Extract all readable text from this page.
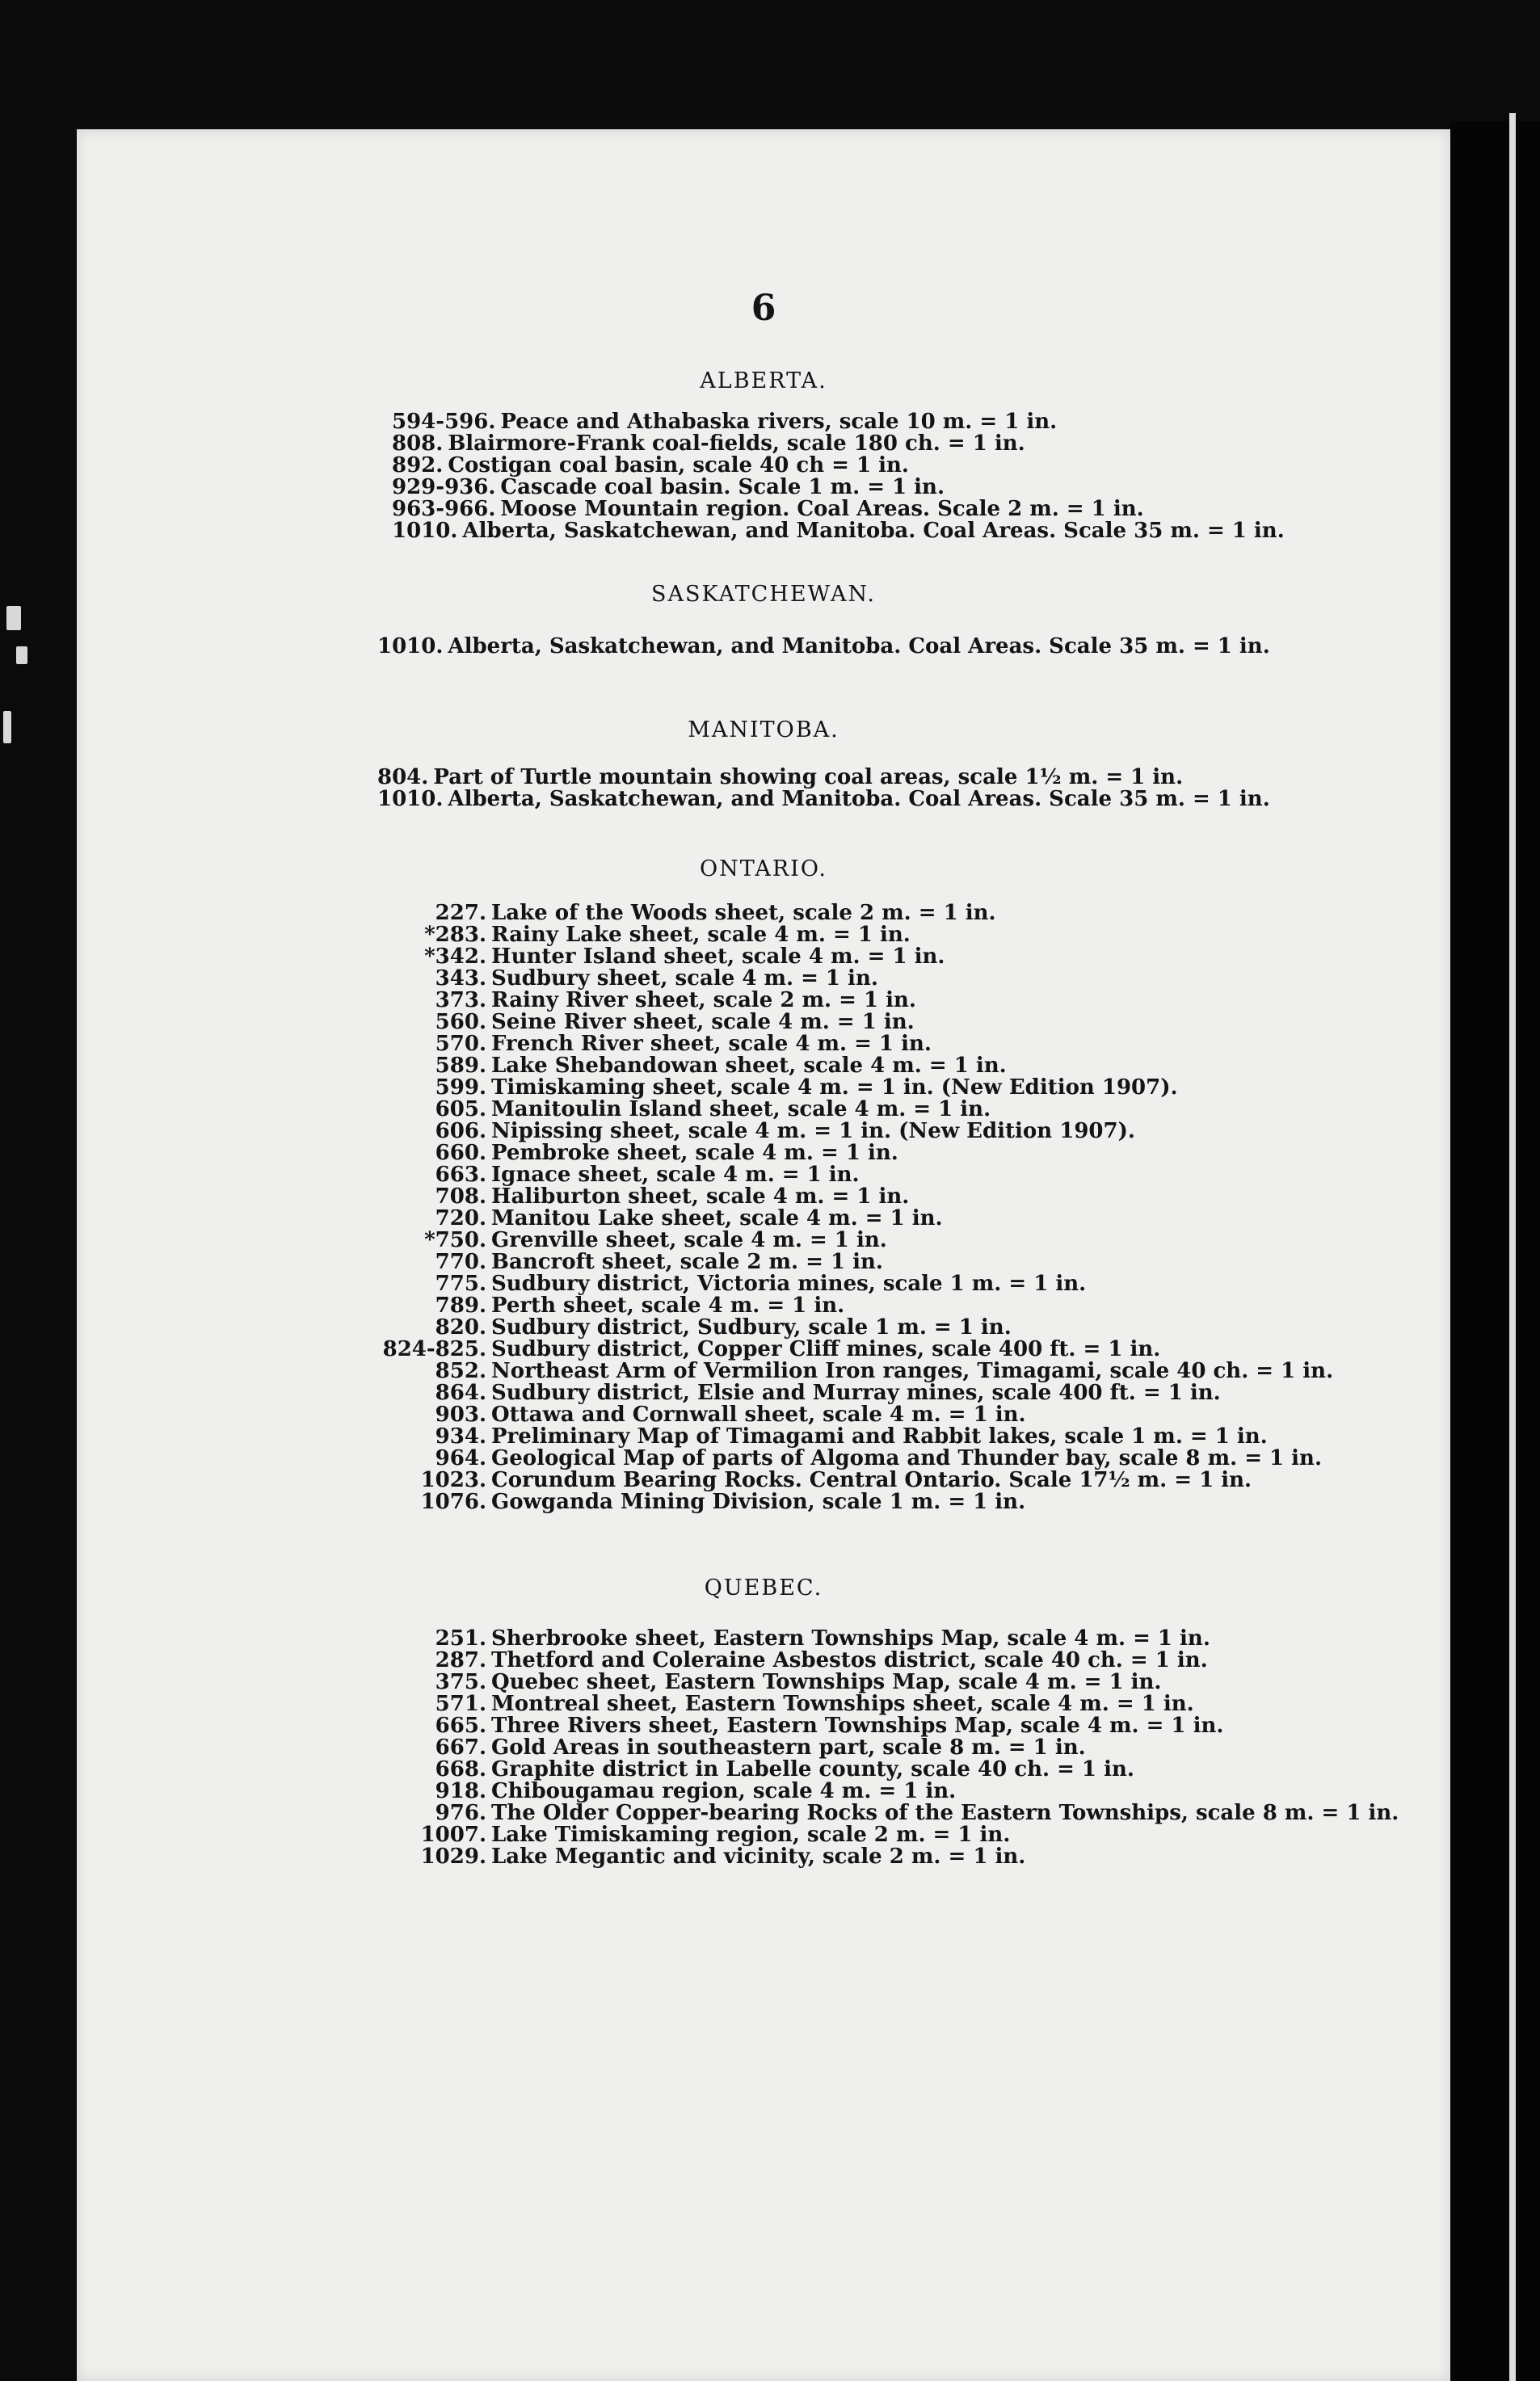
6
ALBERTA.
594-596. Peace and Athabaska rivers, scale 10 m. = 1 in.
808. Blairmore-Frank coal-fields, scale 180 ch. = 1 in.
892. Costigan coal basin, scale 40 ch = 1 in.
929-936. Cascade coal basin. Scale 1 m. = 1 in.
963-966. Moose Mountain region. Coal Areas. Scale 2 m. = 1 in.
1010. Alberta, Saskatchewan, and Manitoba. Coal Areas. Scale 35 m. = 1 in.
SASKATCHEWAN.
1010. Alberta, Saskatchewan, and Manitoba. Coal Areas. Scale 35 m. = 1 in.
MANITOBA.
804. Part of Turtle mountain showing coal areas, scale 1½ m. = 1 in.
1010. Alberta, Saskatchewan, and Manitoba. Coal Areas. Scale 35 m. = 1 in.
ONTARIO.
227. Lake of the Woods sheet, scale 2 m. = 1 in.
*283. Rainy Lake sheet, scale 4 m. = 1 in.
*342. Hunter Island sheet, scale 4 m. = 1 in.
343. Sudbury sheet, scale 4 m. = 1 in.
373. Rainy River sheet, scale 2 m. = 1 in.
560. Seine River sheet, scale 4 m. = 1 in.
570. French River sheet, scale 4 m. = 1 in.
589. Lake Shebandowan sheet, scale 4 m. = 1 in.
599. Timiskaming sheet, scale 4 m. = 1 in. (New Edition 1907).
605. Manitoulin Island sheet, scale 4 m. = 1 in.
606. Nipissing sheet, scale 4 m. = 1 in. (New Edition 1907).
660. Pembroke sheet, scale 4 m. = 1 in.
663. Ignace sheet, scale 4 m. = 1 in.
708. Haliburton sheet, scale 4 m. = 1 in.
720. Manitou Lake sheet, scale 4 m. = 1 in.
*750. Grenville sheet, scale 4 m. = 1 in.
770. Bancroft sheet, scale 2 m. = 1 in.
775. Sudbury district, Victoria mines, scale 1 m. = 1 in.
789. Perth sheet, scale 4 m. = 1 in.
820. Sudbury district, Sudbury, scale 1 m. = 1 in.
824-825. Sudbury district, Copper Cliff mines, scale 400 ft. = 1 in.
852. Northeast Arm of Vermilion Iron ranges, Timagami, scale 40 ch. = 1 in.
864. Sudbury district, Elsie and Murray mines, scale 400 ft. = 1 in.
903. Ottawa and Cornwall sheet, scale 4 m. = 1 in.
934. Preliminary Map of Timagami and Rabbit lakes, scale 1 m. = 1 in.
964. Geological Map of parts of Algoma and Thunder bay, scale 8 m. = 1 in.
1023. Corundum Bearing Rocks. Central Ontario. Scale 17½ m. = 1 in.
1076. Gowganda Mining Division, scale 1 m. = 1 in.
QUEBEC.
251. Sherbrooke sheet, Eastern Townships Map, scale 4 m. = 1 in.
287. Thetford and Coleraine Asbestos district, scale 40 ch. = 1 in.
375. Quebec sheet, Eastern Townships Map, scale 4 m. = 1 in.
571. Montreal sheet, Eastern Townships sheet, scale 4 m. = 1 in.
665. Three Rivers sheet, Eastern Townships Map, scale 4 m. = 1 in.
667. Gold Areas in southeastern part, scale 8 m. = 1 in.
668. Graphite district in Labelle county, scale 40 ch. = 1 in.
918. Chibougamau region, scale 4 m. = 1 in.
976. The Older Copper-bearing Rocks of the Eastern Townships, scale 8 m. = 1 in.
1007. Lake Timiskaming region, scale 2 m. = 1 in.
1029. Lake Megantic and vicinity, scale 2 m. = 1 in.
